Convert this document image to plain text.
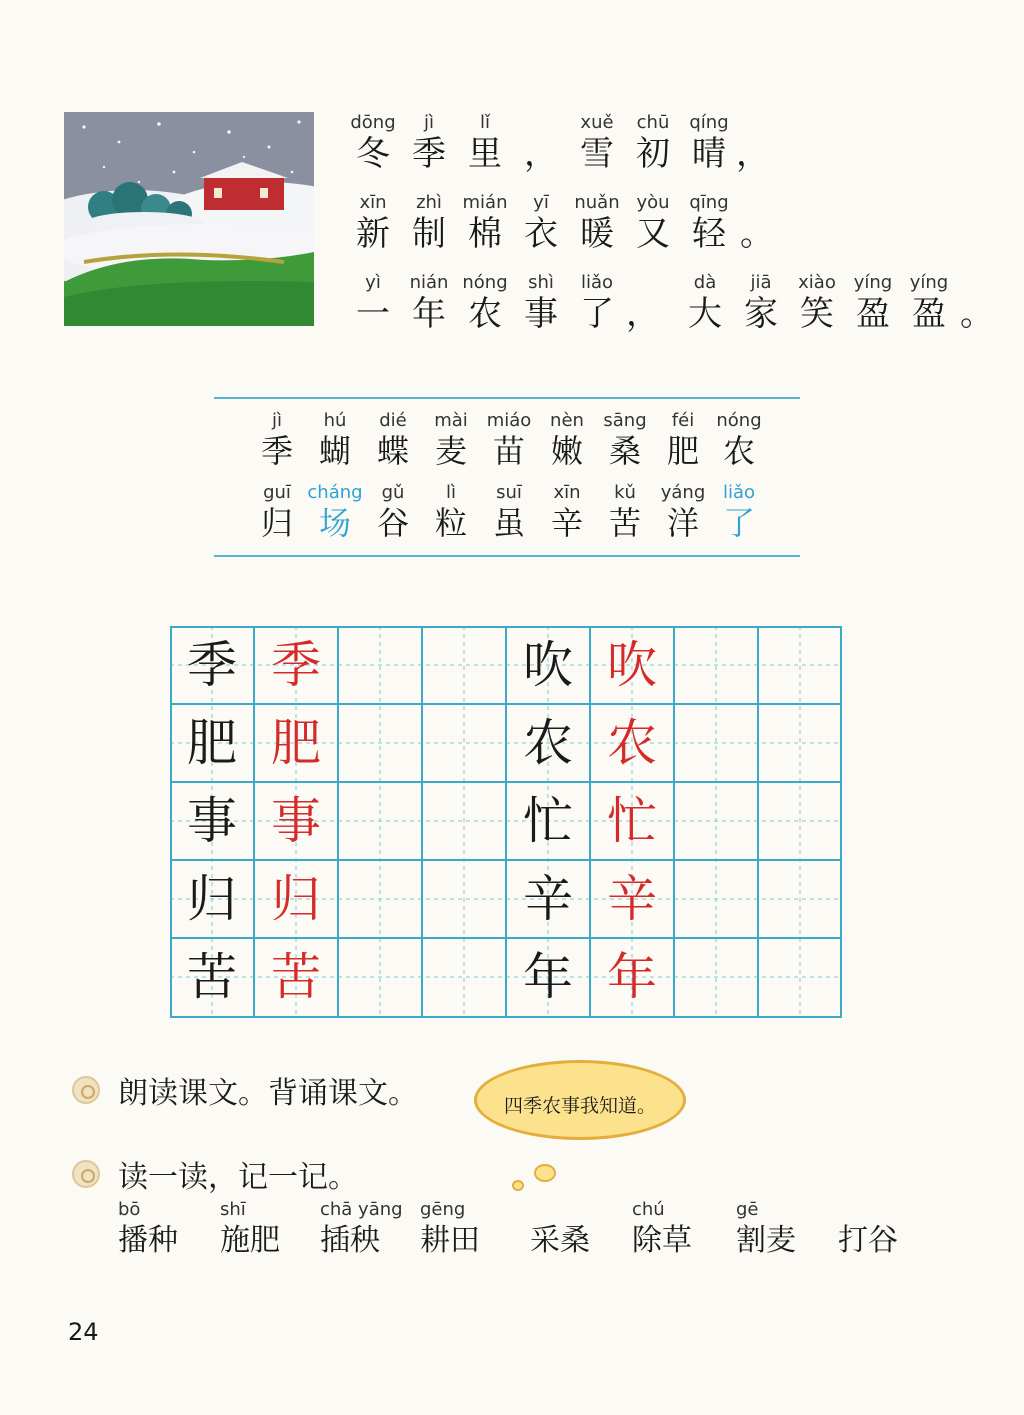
dōng
冬
jì
季
lǐ
里 ，
xuě
雪
chū
初
qíng
晴 ，
xīn
新
zhì
制
mián
棉
yī
衣
nuǎn
暖
yòu
又
qīng
轻 。
yì
一
nián
年
nóng
农
shì
事
liǎo
了 ，
dà
大
jiā
家
xiào
笑
yíng
盈
yíng
盈 。
jì
季
hú
蝴
dié
蝶
mài
麦
miáo
苗
nèn
嫩
sāng
桑
féi
肥
nóng
农
guī
归
cháng
场
gǔ
谷
lì
粒
suī
虽
xīn
辛
kǔ
苦
yáng
洋
liǎo
了
季 季
肥 肥
事 事
归 归
苦 苦
吹 吹
农 农
忙 忙
辛 辛
年 年
朗读课文。背诵课文。	四季农事我知道。
读一读，记一记。
bō
播种
shī
施肥
chā yāng
插秧
gēng
耕田 采桑
chú
除草
gē
割麦 打谷
24
